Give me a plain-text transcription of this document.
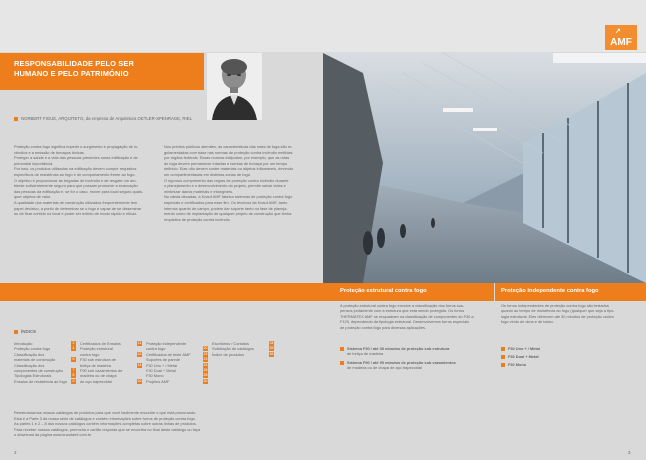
↗
AMF
RESPONSABILIDADE PELO SER
HUMANO E PELO PATRIMÓNIO
NORBERT FIGUE, ARQUITETO, da empresa de Arquitetura OETLER-SPENRAGE, RIEL
Proteção contra fogo significa impedir o surgimento e propagação de in-
cêndios e a emissão de fumaças tóxicas.
Proteger a saúde e a vida das pessoas presentes numa edificação é de
primordial importância.
Por isso, os produtos utilizados na edificação devem cumprir requisitos
específicos de resistência ao fogo e de comportamento frente ao fogo.
O objetivo é proporcionar às brigadas de incêndio e de resgate um am-
biente suficientemente seguro para que possam promover a evacuação
das pessoas da edificação e, se for o caso, mover para local seguro quais-
quer objetos de valor.
A qualidade dos materiais de construção utilizados frequentemente tem
papel decisivo, a ponto de determinar se o fogo é capaz de se disseminar
ou de ficar contido no local e poder ser extinto de modo rápido e eficaz.
Nos prédios públicos alemães, as características das rotas de fuga são re-
gulamentadas com base nas normas de proteção contra incêndio emitidas
por órgãos federais. Essas normas estipulam, por exemplo, que as rotas
de fuga devem permanecer intactas e isentas de fumaça por um tempo
definido. Elas não devem conter materiais ou objetos inflamáveis, devendo
ser compartimentadas em distintas zonas de fogo.
O rigoroso cumprimento das regras de proteção contra incêndio durante
o planejamento e o desenvolvimento do projeto, permite salvar vidas e
minimizar danos materiais e intangíveis.
No várias décadas, a Knauf AMF fabrica sistemas de proteção contra fogo
especiais e certificados para esse fim. Os técnicos da Knauf AMF, tanto
internos quanto de campo, podem dar suporte tanto no fase de planeja-
mento como de implantação de qualquer projeto de construção que tenha
requisitos de proteção contra incêndio.
Proteção estrutural contra fogo	Proteção independente contra fogo
A proteção estrutural contra fogo envolve a classificação dos forros sus-
pensos juntamente com a estrutura que está sendo protegida. Os forros
THERMATEX AMF se enquadram na classificação de componentes do F30 a
F120, dependendo da tipologia estrutural. Desenvolvemos forros especiais
de proteção contra fogo para diversas aplicações.
Os forros independentes de proteção contra fogo são testados
quanto ao tempo de resistência ao fogo (qualquer que seja a tipo-
logia estrutural. Eles oferecem até 30 minutos de proteção contra
fogo vindo de cima e de baixo.
Sistema F30 / até 30 minutos de proteção sob estrutura
de treliça de madeira
Sistema F90 / até 90 minutos de proteção sob vazamientos
de madeira ou de chapa de aço trapezoidal
F30 Uno + / Metal
F30 Dual + Metal
F30 Mono
ÍNDICE
Introdução	2
Proteção contra fogo	4
Classificação dos
materiais de construção	6
Classificação dos
componentes de construção	7
Tipologias Estruturais	8
Ensaios de resistência ao fogo	9
Certificados de Ensaios	11
Proteção estrutural
contra fogo	12
F30 sob estrutura de
treliça de madeira	14
F90 sob vazamientos de
madeira ou de chapa
de aço trapezoidal	16
Proteção independente
contra fogo	20
Certificados de teste AMF	22
Suportes de parede	23
F30 Uno + / Metal	24
F30 Dual + Metal	26
F30 Mono	28
Projetos AMF	30
Escritórios / Contatos	34
Solicitação de catálogos	35
Índice de produtos	36
Reestruturamos nossos catálogos de produtos para que você facilmente encontre o que está procurando.
Esta é a Parte 3 da nossa série de catálogos e contém informações sobre forros de proteção contra fogo.
As partes 1 e 2 – 8 dos nossos catálogos contêm informações completas sobre outras linhas de produtos.
Para receber nossos catálogos, preencha e cartão resposta que se encontra no final deste catálogo ou faça
o download da página www.knaufamf.com.br
2	3
